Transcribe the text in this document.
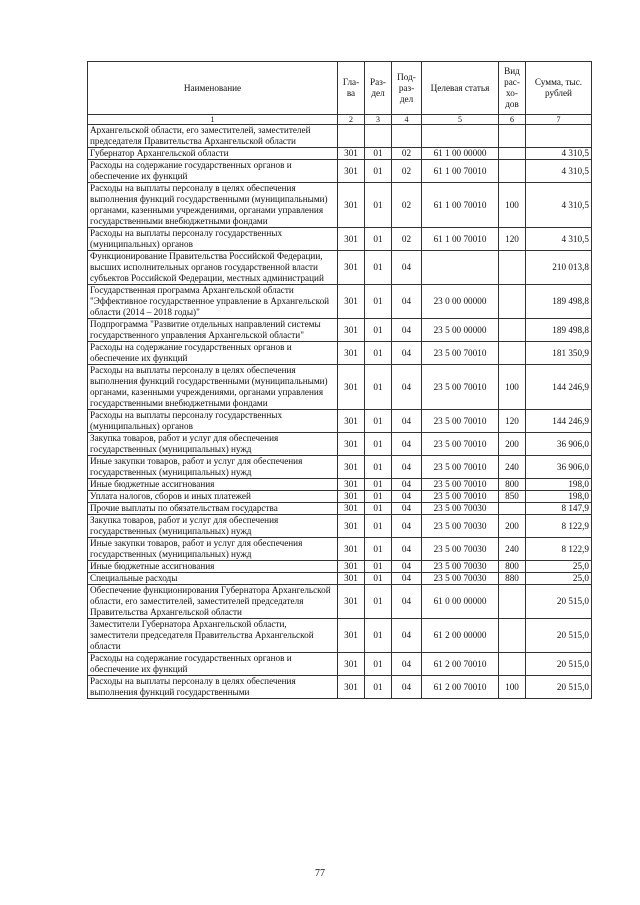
Наименование	Гла-ва	Раз-дел	Под-раз-дел	Целевая статья	Вид рас-хо-дов	Сумма, тыс. рублей
1	2	3	4	5	6	7
Архангельской области, его заместителей, заместителей председателя Правительства Архангельской области						
Губернатор Архангельской области	301	01	02	61 1 00 00000		4 310,5
Расходы на содержание государственных органов и обеспечение их функций	301	01	02	61 1 00 70010		4 310,5
Расходы на выплаты персоналу в целях обеспечения выполнения функций государственными (муниципальными) органами, казенными учреждениями, органами управления государственными внебюджетными фондами	301	01	02	61 1 00 70010	100	4 310,5
Расходы на выплаты персоналу государственных (муниципальных) органов	301	01	02	61 1 00 70010	120	4 310,5
Функционирование Правительства Российской Федерации, высших исполнительных органов государственной власти субъектов Российской Федерации, местных администраций	301	01	04			210 013,8
Государственная программа Архангельской области "Эффективное государственное управление в Архангельской области (2014 – 2018 годы)"	301	01	04	23 0 00 00000		189 498,8
Подпрограмма "Развитие отдельных направлений системы государственного управления Архангельской области"	301	01	04	23 5 00 00000		189 498,8
Расходы на содержание государственных органов и обеспечение их функций	301	01	04	23 5 00 70010		181 350,9
Расходы на выплаты персоналу в целях обеспечения выполнения функций государственными (муниципальными) органами, казенными учреждениями, органами управления государственными внебюджетными фондами	301	01	04	23 5 00 70010	100	144 246,9
Расходы на выплаты персоналу государственных (муниципальных) органов	301	01	04	23 5 00 70010	120	144 246,9
Закупка товаров, работ и услуг для обеспечения государственных (муниципальных) нужд	301	01	04	23 5 00 70010	200	36 906,0
Иные закупки товаров, работ и услуг для обеспечения государственных (муниципальных) нужд	301	01	04	23 5 00 70010	240	36 906,0
Иные бюджетные ассигнования	301	01	04	23 5 00 70010	800	198,0
Уплата налогов, сборов и иных платежей	301	01	04	23 5 00 70010	850	198,0
Прочие выплаты по обязательствам государства	301	01	04	23 5 00 70030		8 147,9
Закупка товаров, работ и услуг для обеспечения государственных (муниципальных) нужд	301	01	04	23 5 00 70030	200	8 122,9
Иные закупки товаров, работ и услуг для обеспечения государственных (муниципальных) нужд	301	01	04	23 5 00 70030	240	8 122,9
Иные бюджетные ассигнования	301	01	04	23 5 00 70030	800	25,0
Специальные расходы	301	01	04	23 5 00 70030	880	25,0
Обеспечение функционирования Губернатора Архангельской области, его заместителей, заместителей председателя Правительства Архангельской области	301	01	04	61 0 00 00000		20 515,0
Заместители Губернатора Архангельской области, заместители председателя Правительства Архангельской области	301	01	04	61 2 00 00000		20 515,0
Расходы на содержание государственных органов и обеспечение их функций	301	01	04	61 2 00 70010		20 515,0
Расходы на выплаты персоналу в целях обеспечения выполнения функций государственными	301	01	04	61 2 00 70010	100	20 515,0
77
